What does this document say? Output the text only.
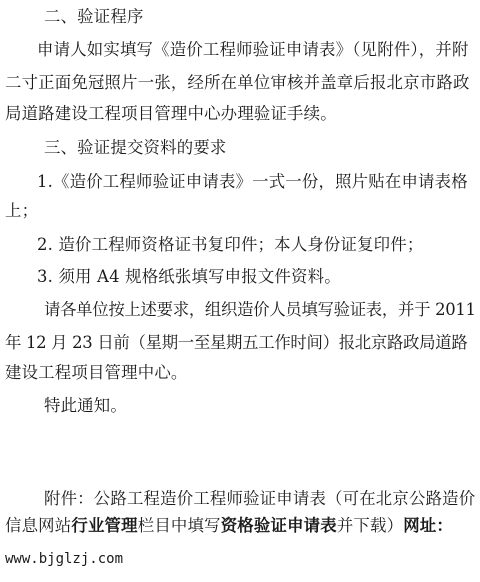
二、验证程序
申请人如实填写《造价工程师验证申请表》（见附件），并附
二寸正面免冠照片一张，经所在单位审核并盖章后报北京市路政
局道路建设工程项目管理中心办理验证手续。
三、验证提交资料的要求
1.《造价工程师验证申请表》一式一份，照片贴在申请表格
上；
2. 造价工程师资格证书复印件；本人身份证复印件；
3. 须用 A4 规格纸张填写申报文件资料。
请各单位按上述要求，组织造价人员填写验证表，并于 2011
年 12 月 23 日前（星期一至星期五工作时间）报北京路政局道路
建设工程项目管理中心。
特此通知。
附件：公路工程造价工程师验证申请表（可在北京公路造价
信息网站行业管理栏目中填写资格验证申请表并下载）网址：
www.bjglzj.com
